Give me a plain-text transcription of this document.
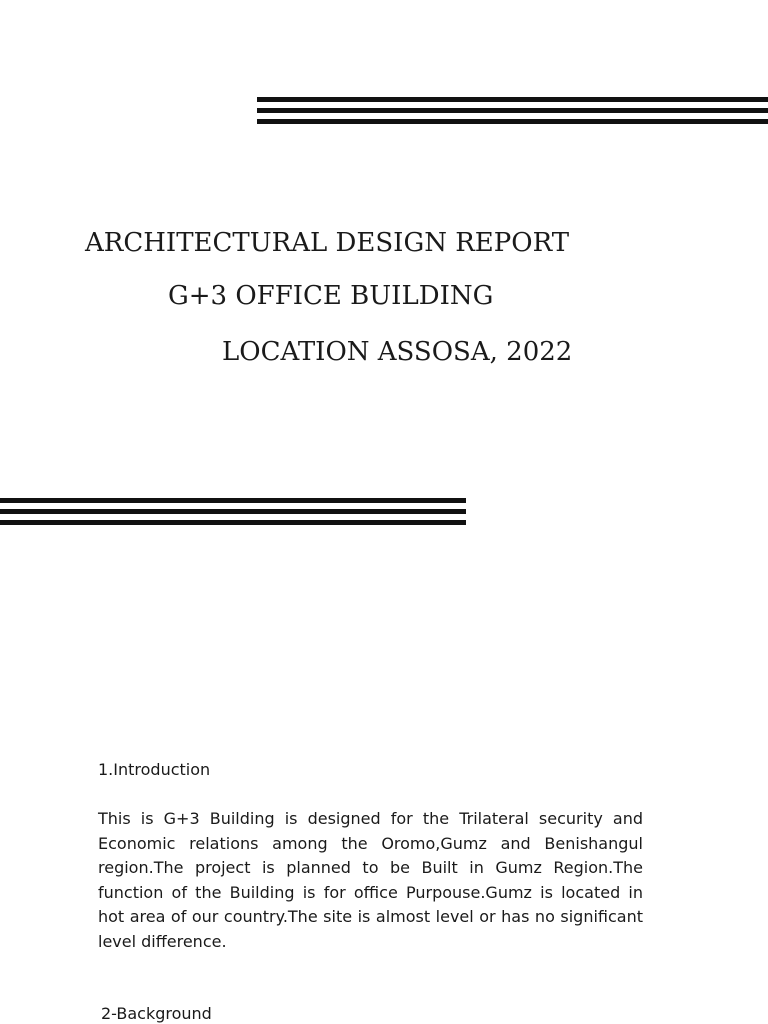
ARCHITECTURAL DESIGN REPORT
G+3 OFFICE BUILDING
LOCATION ASSOSA, 2022
1.Introduction

This is G+3 Building is designed for the Trilateral security and Economic relations among the Oromo,Gumz and Benishangul region.The project is planned to be Built in Gumz Region.The function of the Building is for office Purpouse.Gumz is located in hot area of our country.The site is almost level or has no significant level difference.

2-Background
